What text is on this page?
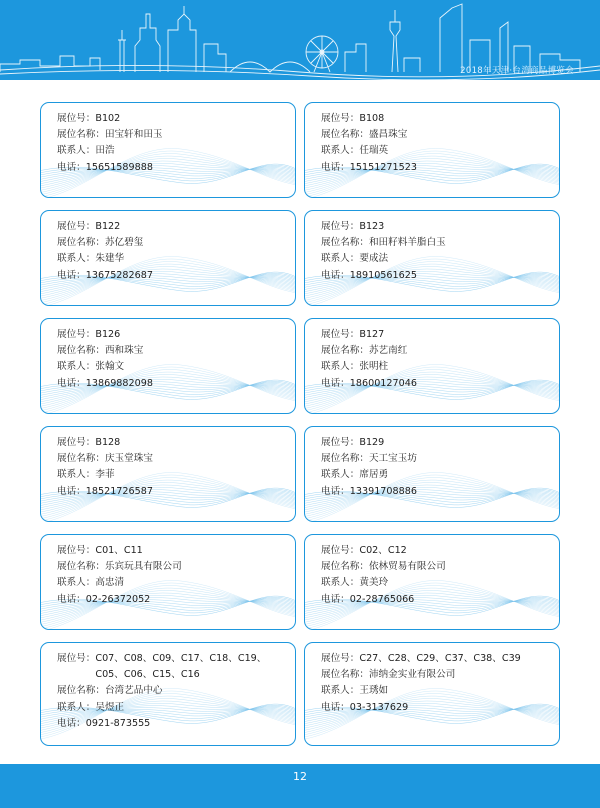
2018年天津·台湾商品博览会
展位号： B102
展位名称： 田宝轩和田玉
联系人： 田浩
电话： 15651589888
展位号： B108
展位名称： 盛昌珠宝
联系人： 任瑞英
电话： 15151271523
展位号： B122
展位名称： 苏亿碧玺
联系人： 朱建华
电话： 13675282687
展位号： B123
展位名称： 和田籽料羊脂白玉
联系人： 要成法
电话： 18910561625
展位号： B126
展位名称： 西和珠宝
联系人： 张翰文
电话： 13869882098
展位号： B127
展位名称： 苏艺南红
联系人： 张明柱
电话： 18600127046
展位号： B128
展位名称： 庆玉堂珠宝
联系人： 李菲
电话： 18521726587
展位号： B129
展位名称： 天工宝玉坊
联系人： 席居勇
电话： 13391708886
展位号： C01、C11
展位名称： 乐宾玩具有限公司
联系人： 高忠清
电话： 02-26372052
展位号： C02、C12
展位名称： 依林贸易有限公司
联系人： 黄美玲
电话： 02-28765066
展位号： C07、C08、C09、C17、C18、C19、C05、C06、C15、C16
展位名称： 台湾艺品中心
联系人： 吴煜正
电话： 0921-873555
展位号： C27、C28、C29、C37、C38、C39
展位名称： 沛纳金实业有限公司
联系人： 王琇如
电话： 03-3137629
12
